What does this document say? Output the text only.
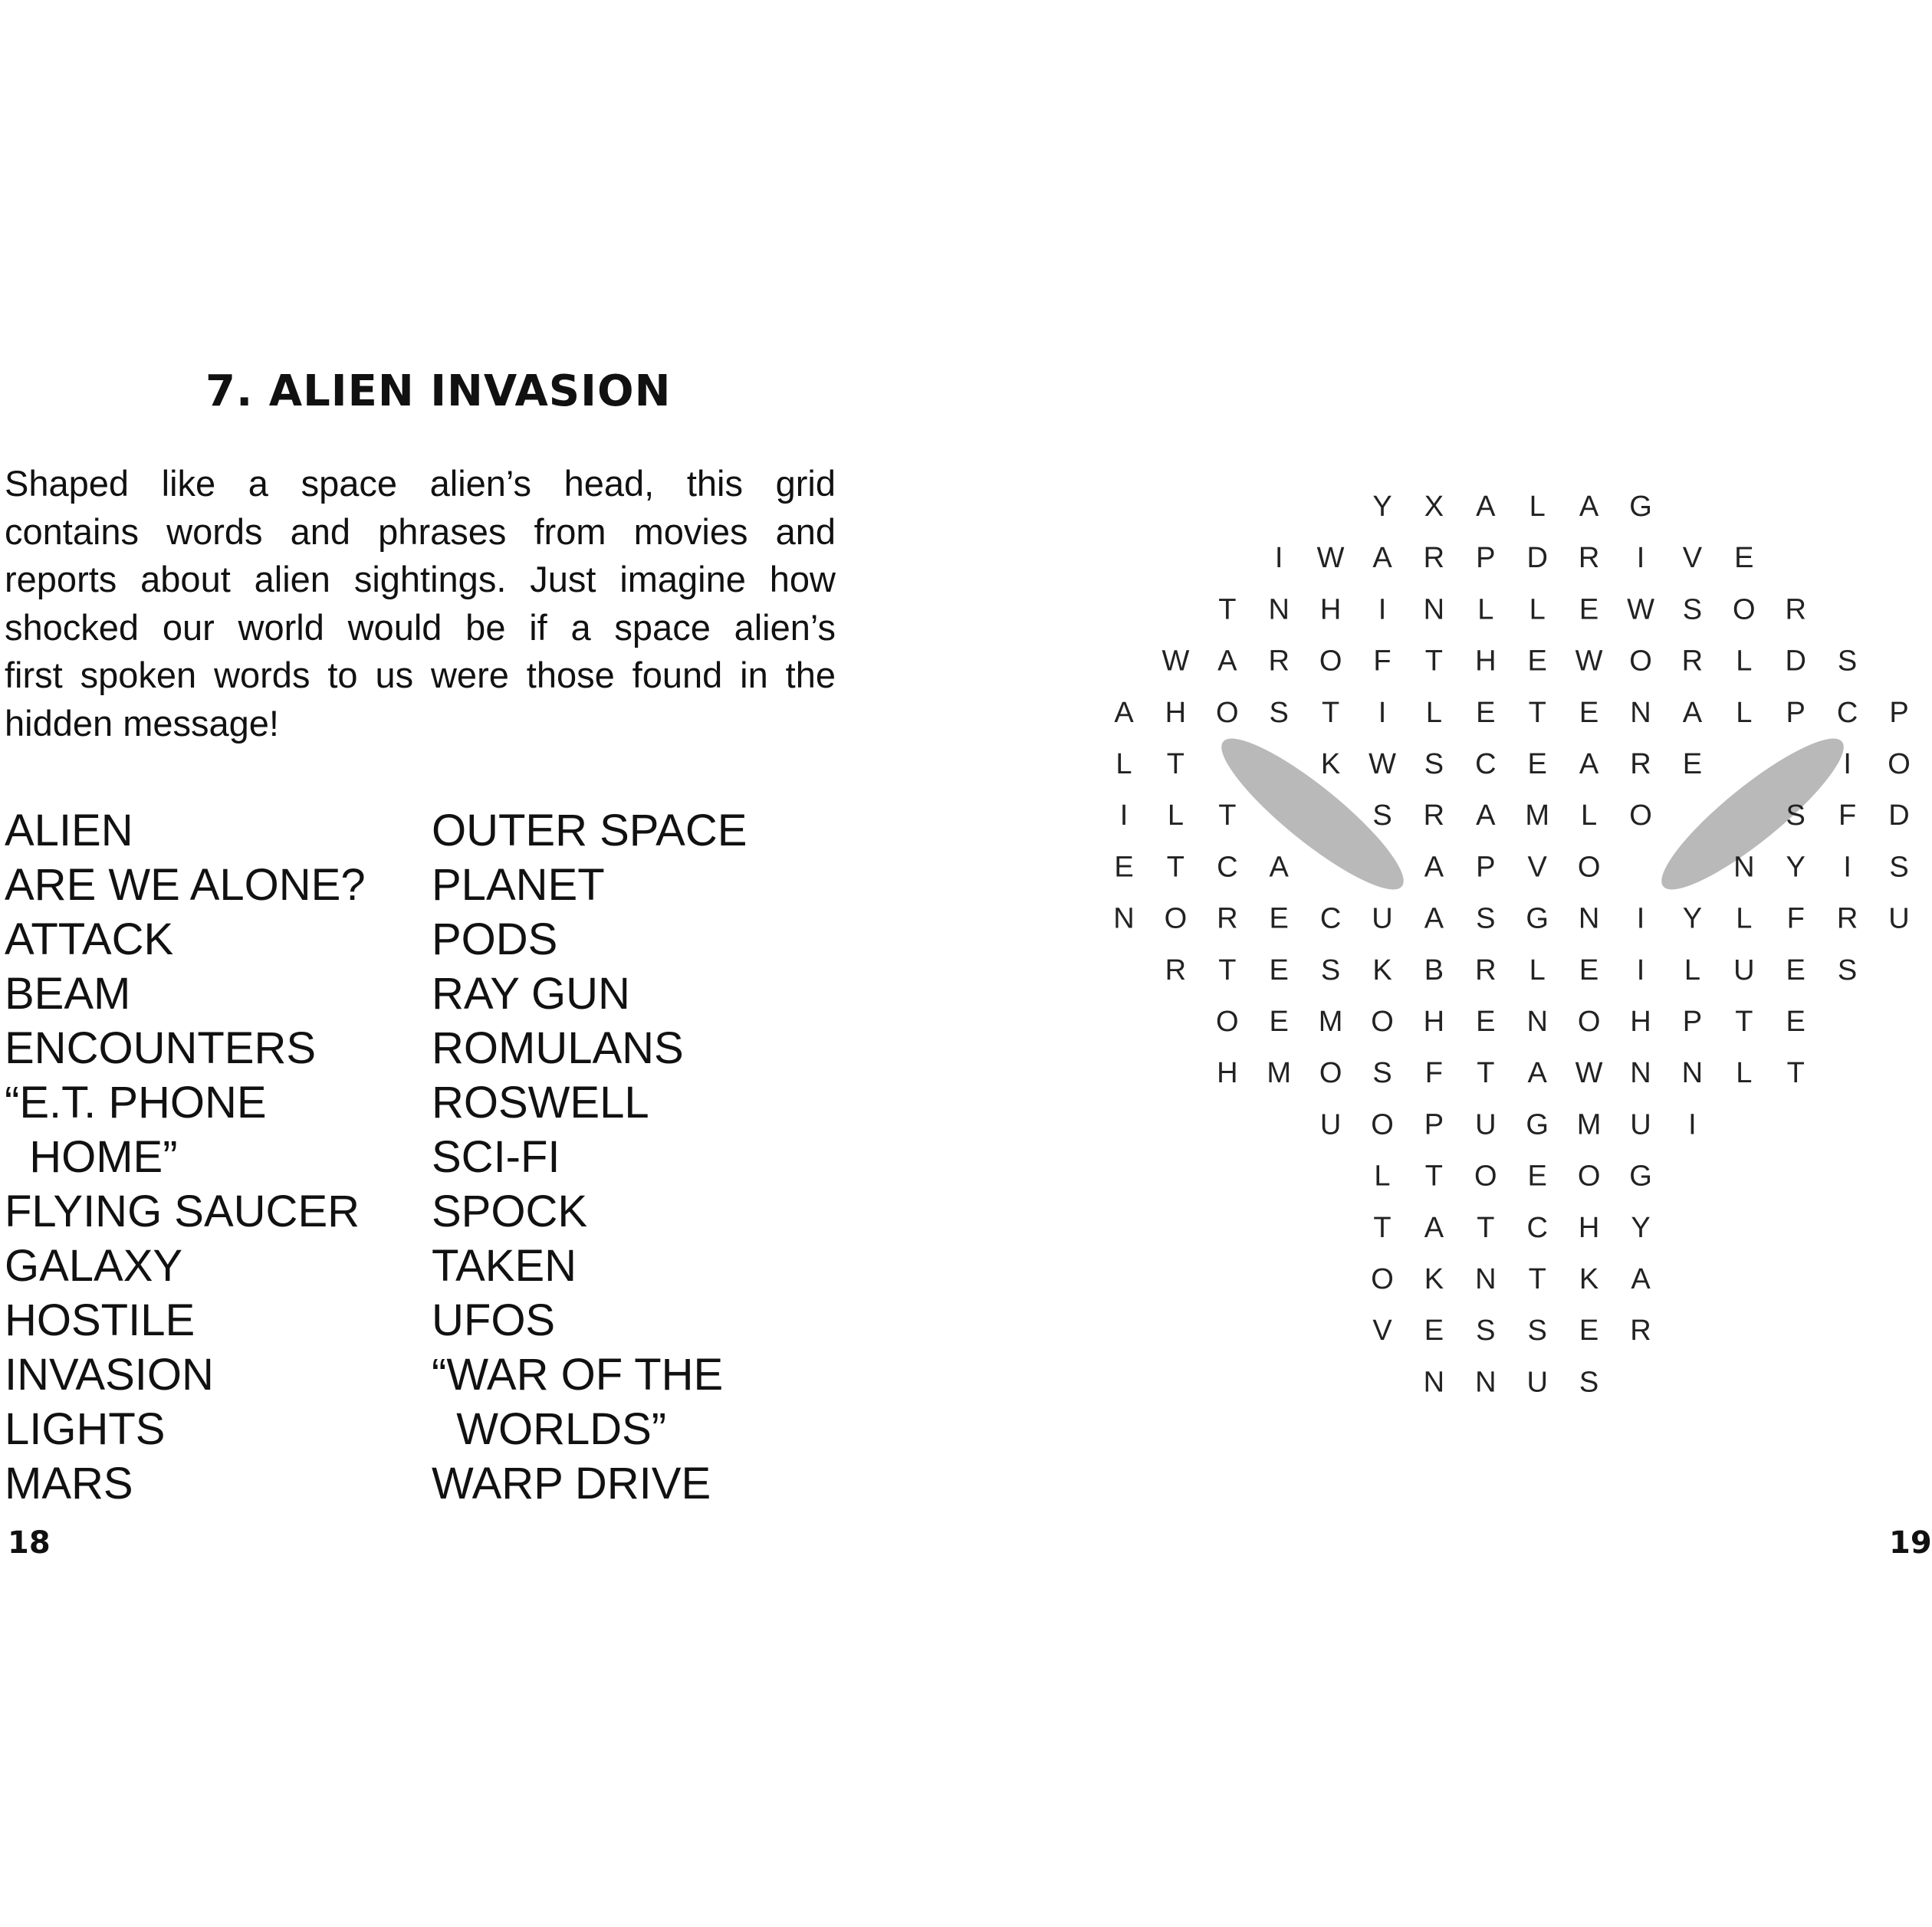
7. ALIEN INVASION

Shaped like a space alien’s head, this grid
contains words and phrases from movies and
reports about alien sightings. Just imagine how
shocked our world would be if a space alien’s
first spoken words to us were those found in the
hidden message!

ALIEN
ARE WE ALONE?
ATTACK
BEAM
ENCOUNTERS
“E.T. PHONE
HOME”
FLYING SAUCER
GALAXY
HOSTILE
INVASION
LIGHTS
MARS
OUTER SPACE
PLANET
PODS
RAY GUN
ROMULANS
ROSWELL
SCI-FI
SPOCK
TAKEN
UFOS
“WAR OF THE
WORLDS”
WARP DRIVE
Y X A L A G
I W A R P D R I V E
T N H I N L L E W S O R
W A R O F T H E W O R L D S
A H O S T I L E T E N A L P C P
L T	K W S C E A R E	I O
I L T	S R A M L O	S F D
E T C A	A P V O	N Y I S
N O R E C U A S G N I Y L F R U
R T E S K B R L E I L U E S
O E M O H E N O H P T E
H M O S F T A W N N L T
U O P U G M U I
L T O E O G
T A T C H Y
O K N T K A
V E S S E R
N N U S
18	19
